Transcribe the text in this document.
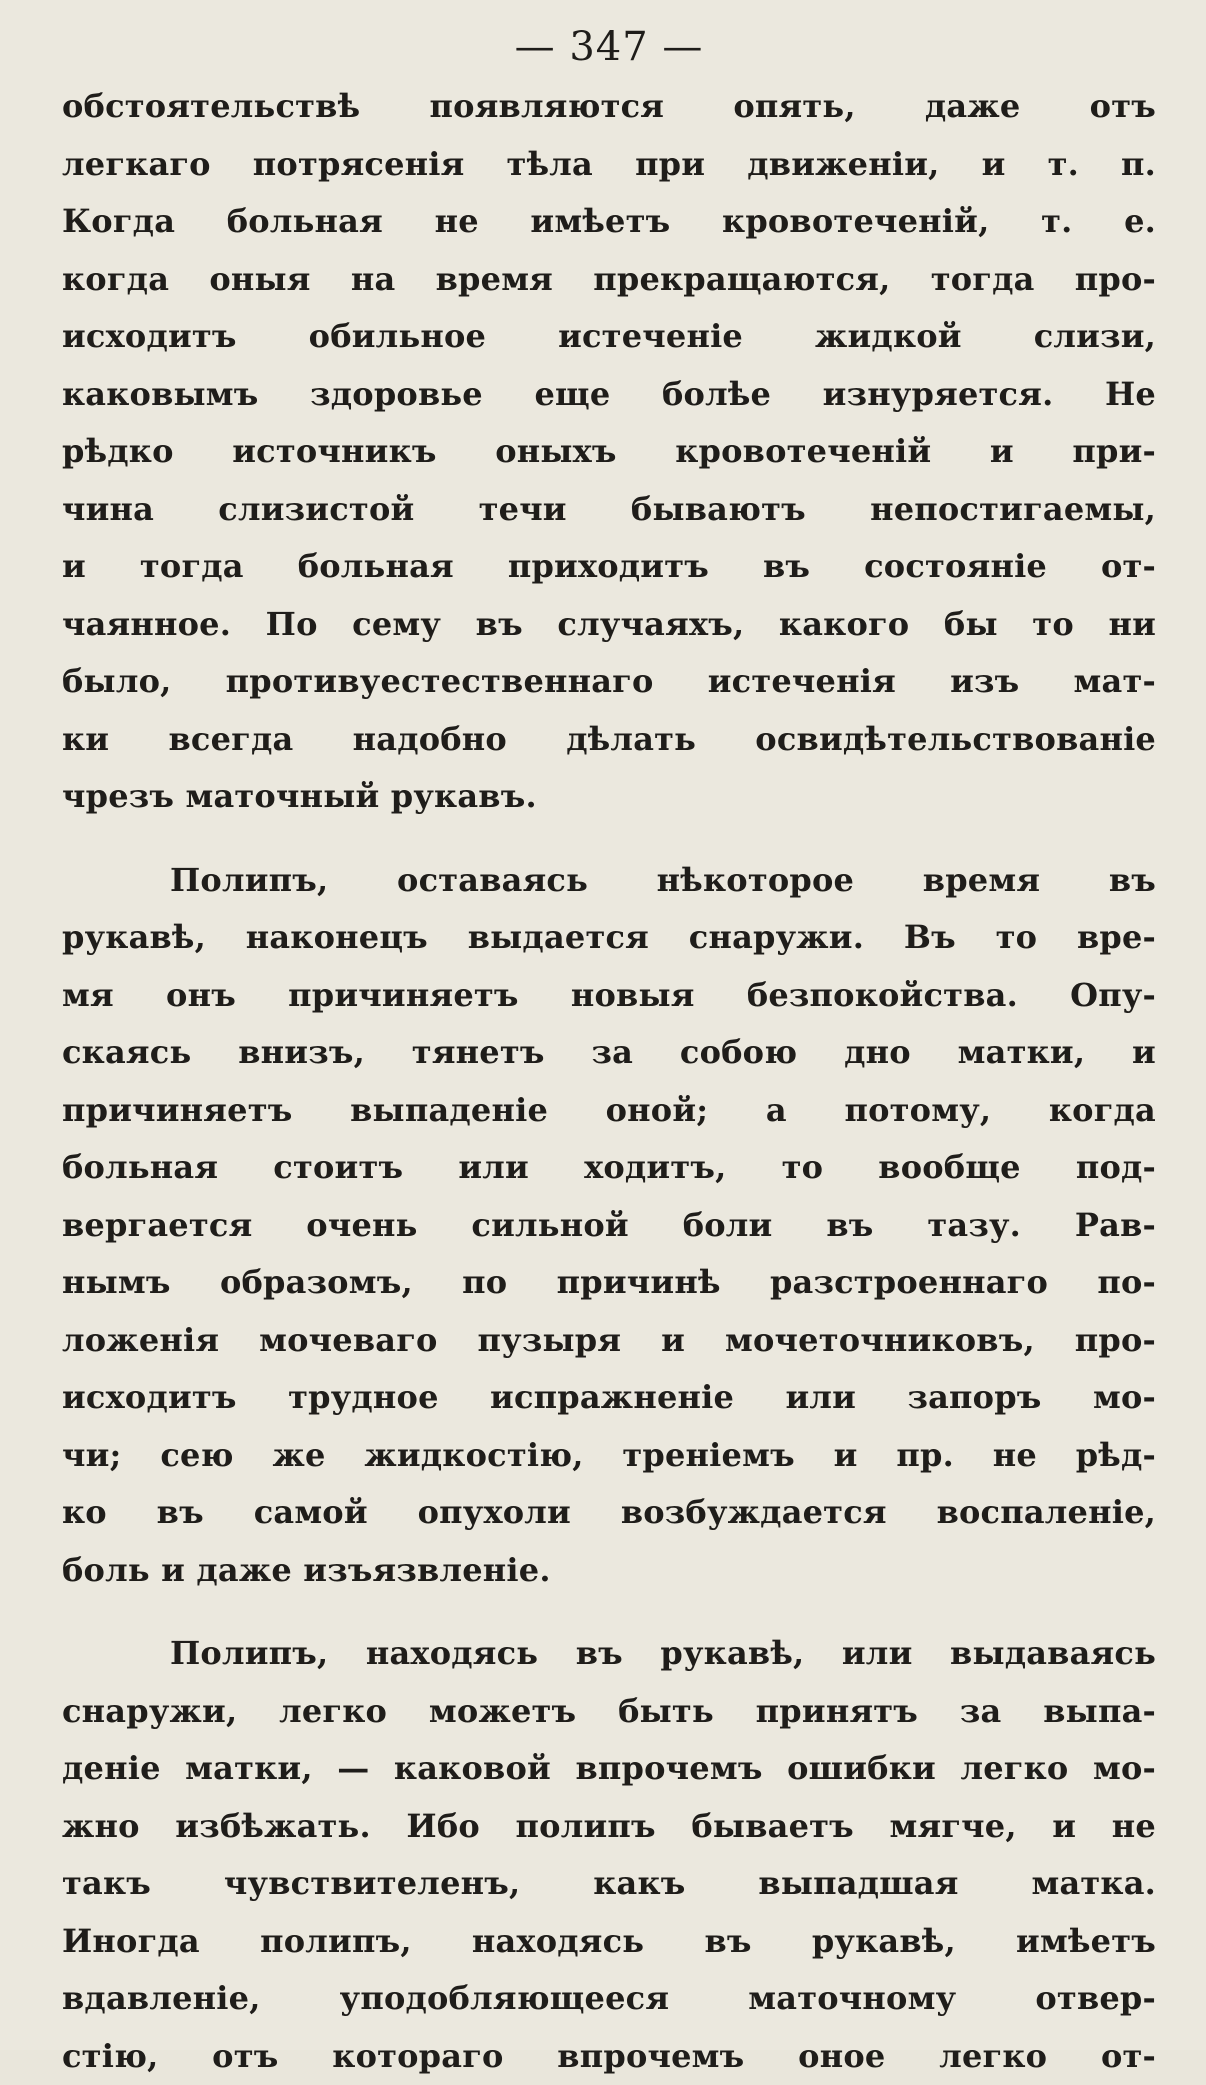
— 347 —
обстоятельствѣ появляются опять, даже отъ
легкаго потрясенія тѣла при движеніи, и т. п.
Когда больная не имѣетъ кровотеченій, т. е.
когда оныя на время прекращаются, тогда про-
исходитъ обильное истеченіе жидкой слизи,
каковымъ здоровье еще болѣе изнуряется. Не
рѣдко источникъ оныхъ кровотеченій и при-
чина слизистой течи бываютъ непостигаемы,
и тогда больная приходитъ въ состояніе от-
чаянное. По сему въ случаяхъ, какого бы то ни
было, противуестественнаго истеченія изъ мат-
ки всегда надобно дѣлать освидѣтельствованіе
чрезъ маточный рукавъ.
Полипъ, оставаясь нѣкоторое время въ
рукавѣ, наконецъ выдается снаружи. Въ то вре-
мя онъ причиняетъ новыя безпокойства. Опу-
скаясь внизъ, тянетъ за собою дно матки, и
причиняетъ выпаденіе оной; а потому, когда
больная стоитъ или ходитъ, то вообще под-
вергается очень сильной боли въ тазу. Рав-
нымъ образомъ, по причинѣ разстроеннаго по-
ложенія мочеваго пузыря и мочеточниковъ, про-
исходитъ трудное испражненіе или запоръ мо-
чи; сею же жидкостію, треніемъ и пр. не рѣд-
ко въ самой опухоли возбуждается воспаленіе,
боль и даже изъязвленіе.
Полипъ, находясь въ рукавѣ, или выдаваясь
снаружи, легко можетъ быть принятъ за выпа-
деніе матки, — каковой впрочемъ ошибки легко мо-
жно избѣжать. Ибо полипъ бываетъ мягче, и не
такъ чувствителенъ, какъ выпадшая матка.
Иногда полипъ, находясь въ рукавѣ, имѣетъ
вдавленіе, уподобляющееся маточному отвер-
стію, отъ котораго впрочемъ оное легко от-
